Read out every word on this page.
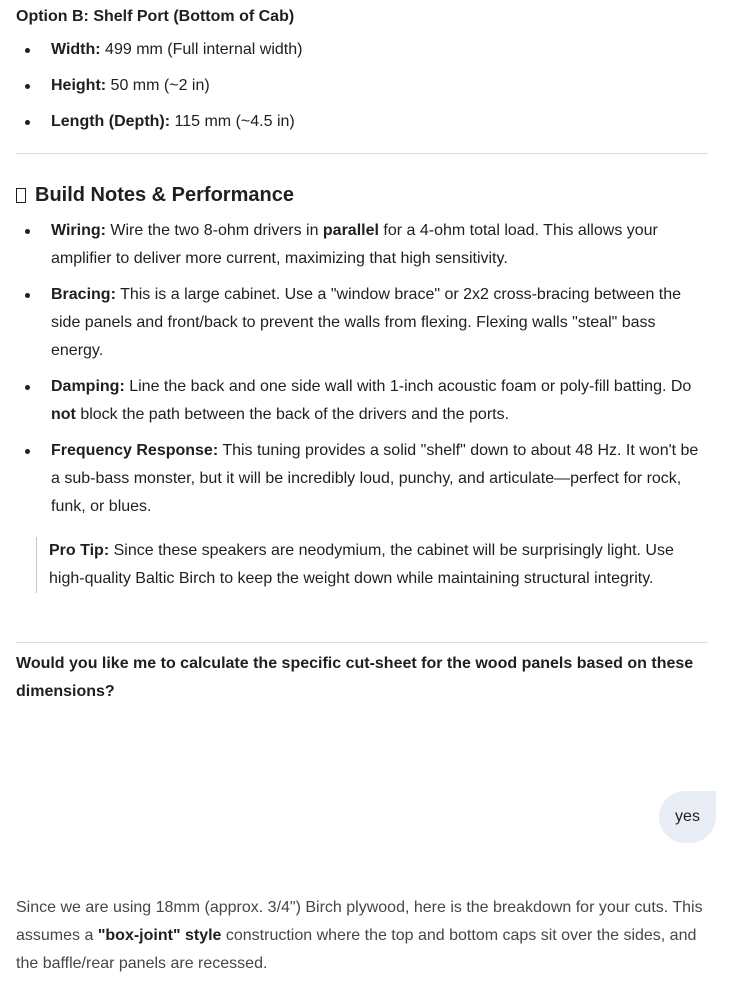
Option B: Shelf Port (Bottom of Cab)
Width: 499 mm (Full internal width)
Height: 50 mm (~2 in)
Length (Depth): 115 mm (~4.5 in)
Build Notes & Performance
Wiring: Wire the two 8-ohm drivers in parallel for a 4-ohm total load. This allows your amplifier to deliver more current, maximizing that high sensitivity.
Bracing: This is a large cabinet. Use a "window brace" or 2x2 cross-bracing between the side panels and front/back to prevent the walls from flexing. Flexing walls "steal" bass energy.
Damping: Line the back and one side wall with 1-inch acoustic foam or poly-fill batting. Do not block the path between the back of the drivers and the ports.
Frequency Response: This tuning provides a solid "shelf" down to about 48 Hz. It won't be a sub-bass monster, but it will be incredibly loud, punchy, and articulate—perfect for rock, funk, or blues.
Pro Tip: Since these speakers are neodymium, the cabinet will be surprisingly light. Use high-quality Baltic Birch to keep the weight down while maintaining structural integrity.

Would you like me to calculate the specific cut-sheet for the wood panels based on these dimensions?

Since we are using 18mm (approx. 3/4") Birch plywood, here is the breakdown for your cuts. This assumes a "box-joint" style construction where the top and bottom caps sit over the sides, and the baffle/rear panels are recessed.

yes
